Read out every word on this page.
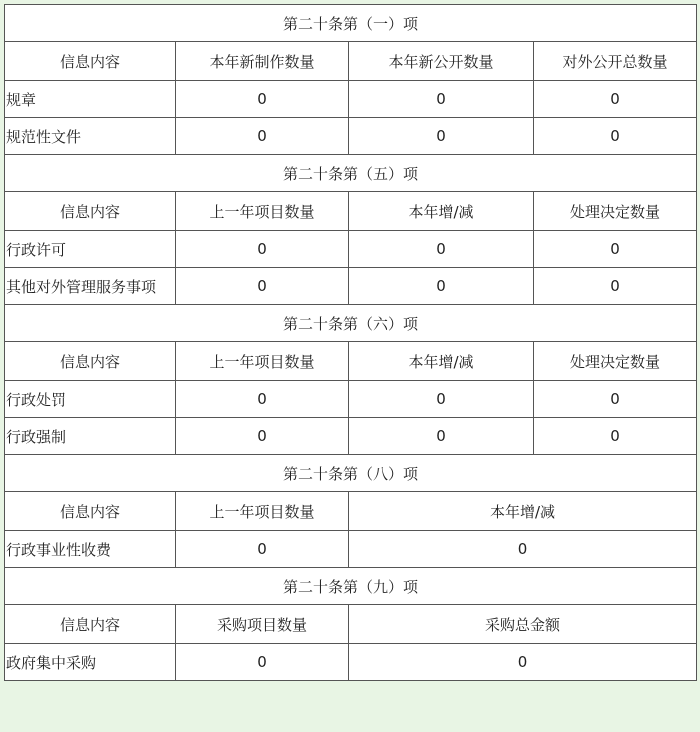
第二十条第（一）项			
信息内容	本年新制作数量	本年新公开数量	对外公开总数量
规章	0	0	0
规范性文件	0	0	0
第二十条第（五）项			
信息内容	上一年项目数量	本年增/减	处理决定数量
行政许可	0	0	0
其他对外管理服务事项	0	0	0
第二十条第（六）项			
信息内容	上一年项目数量	本年增/减	处理决定数量
行政处罚	0	0	0
行政强制	0	0	0
第二十条第（八）项			
信息内容	上一年项目数量	本年增/减	
行政事业性收费	0	0	
第二十条第（九）项			
信息内容	采购项目数量	采购总金额	
政府集中采购	0	0	
